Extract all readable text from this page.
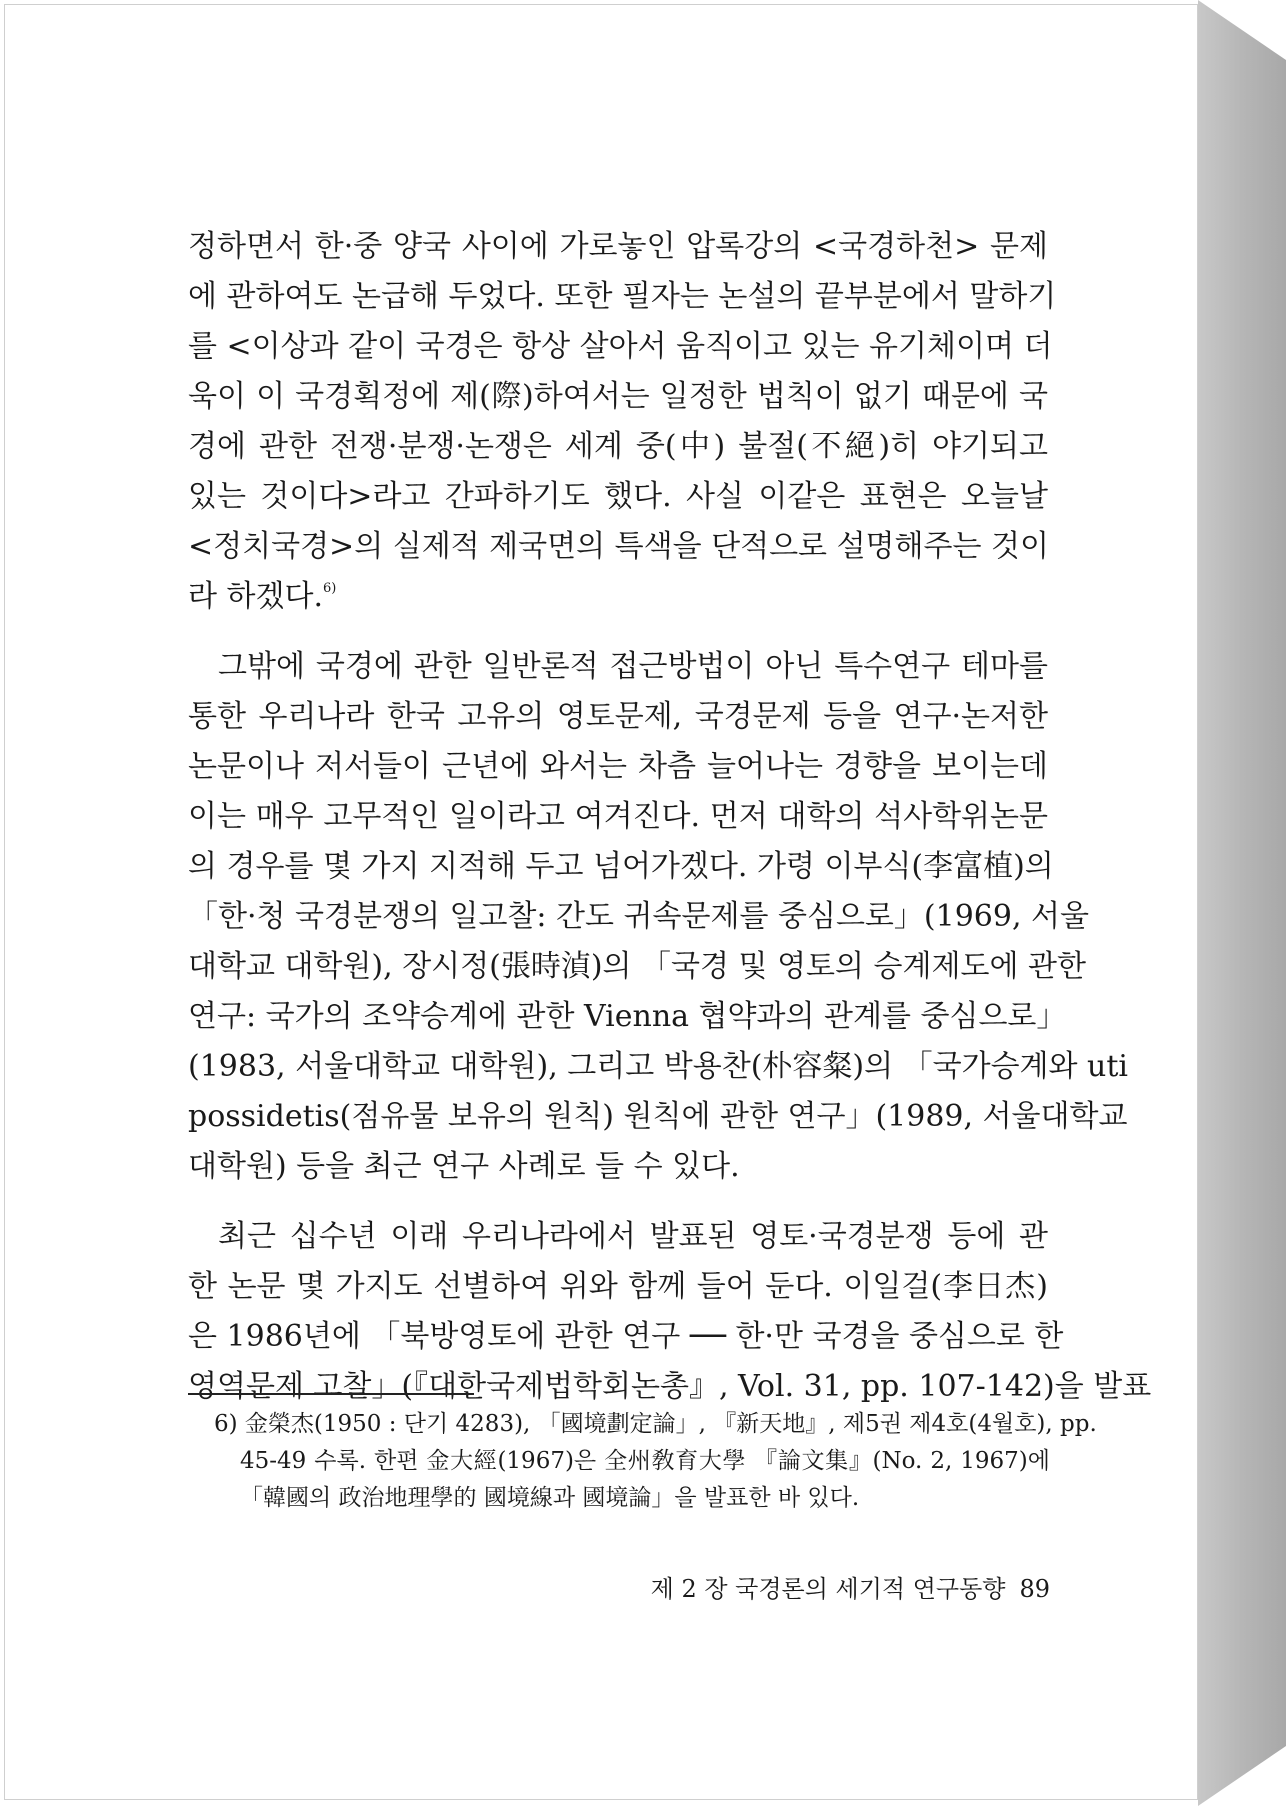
정하면서 한·중 양국 사이에 가로놓인 압록강의 <국경하천> 문제
에 관하여도 논급해 두었다. 또한 필자는 논설의 끝부분에서 말하기
를 <이상과 같이 국경은 항상 살아서 움직이고 있는 유기체이며 더
욱이 이 국경획정에 제(際)하여서는 일정한 법칙이 없기 때문에 국
경에 관한 전쟁·분쟁·논쟁은 세계 중(中) 불절(不絕)히 야기되고
있는 것이다>라고 간파하기도 했다. 사실 이같은 표현은 오늘날
<정치국경>의 실제적 제국면의 특색을 단적으로 설명해주는 것이
라 하겠다.$^{6)}$
그밖에 국경에 관한 일반론적 접근방법이 아닌 특수연구 테마를
통한 우리나라 한국 고유의 영토문제, 국경문제 등을 연구·논저한
논문이나 저서들이 근년에 와서는 차츰 늘어나는 경향을 보이는데
이는 매우 고무적인 일이라고 여겨진다. 먼저 대학의 석사학위논문
의 경우를 몇 가지 지적해 두고 넘어가겠다. 가령 이부식(李富植)의
「한·청 국경분쟁의 일고찰: 간도 귀속문제를 중심으로」(1969, 서울
대학교 대학원), 장시정(張時湞)의 「국경 및 영토의 승계제도에 관한
연구: 국가의 조약승계에 관한 Vienna 협약과의 관계를 중심으로」
(1983, 서울대학교 대학원), 그리고 박용찬(朴容粲)의 「국가승계와 uti
possidetis(점유물 보유의 원칙) 원칙에 관한 연구」(1989, 서울대학교
대학원) 등을 최근 연구 사례로 들 수 있다.
최근 십수년 이래 우리나라에서 발표된 영토·국경분쟁 등에 관
한 논문 몇 가지도 선별하여 위와 함께 들어 둔다. 이일걸(李日杰)
은 1986년에 「북방영토에 관한 연구 ── 한·만 국경을 중심으로 한
영역문제 고찰」(『대한국제법학회논총』, Vol. 31, pp. 107-142)을 발표
6) 金榮杰(1950 : 단기 4283), 「國境劃定論」, 『新天地』, 제5권 제4호(4월호), pp.
45-49 수록. 한편 金大經(1967)은 全州敎育大學 『論文集』(No. 2, 1967)에
「韓國의 政治地理學的 國境線과 國境論」을 발표한 바 있다.
제 2 장 국경론의 세기적 연구동향 89
